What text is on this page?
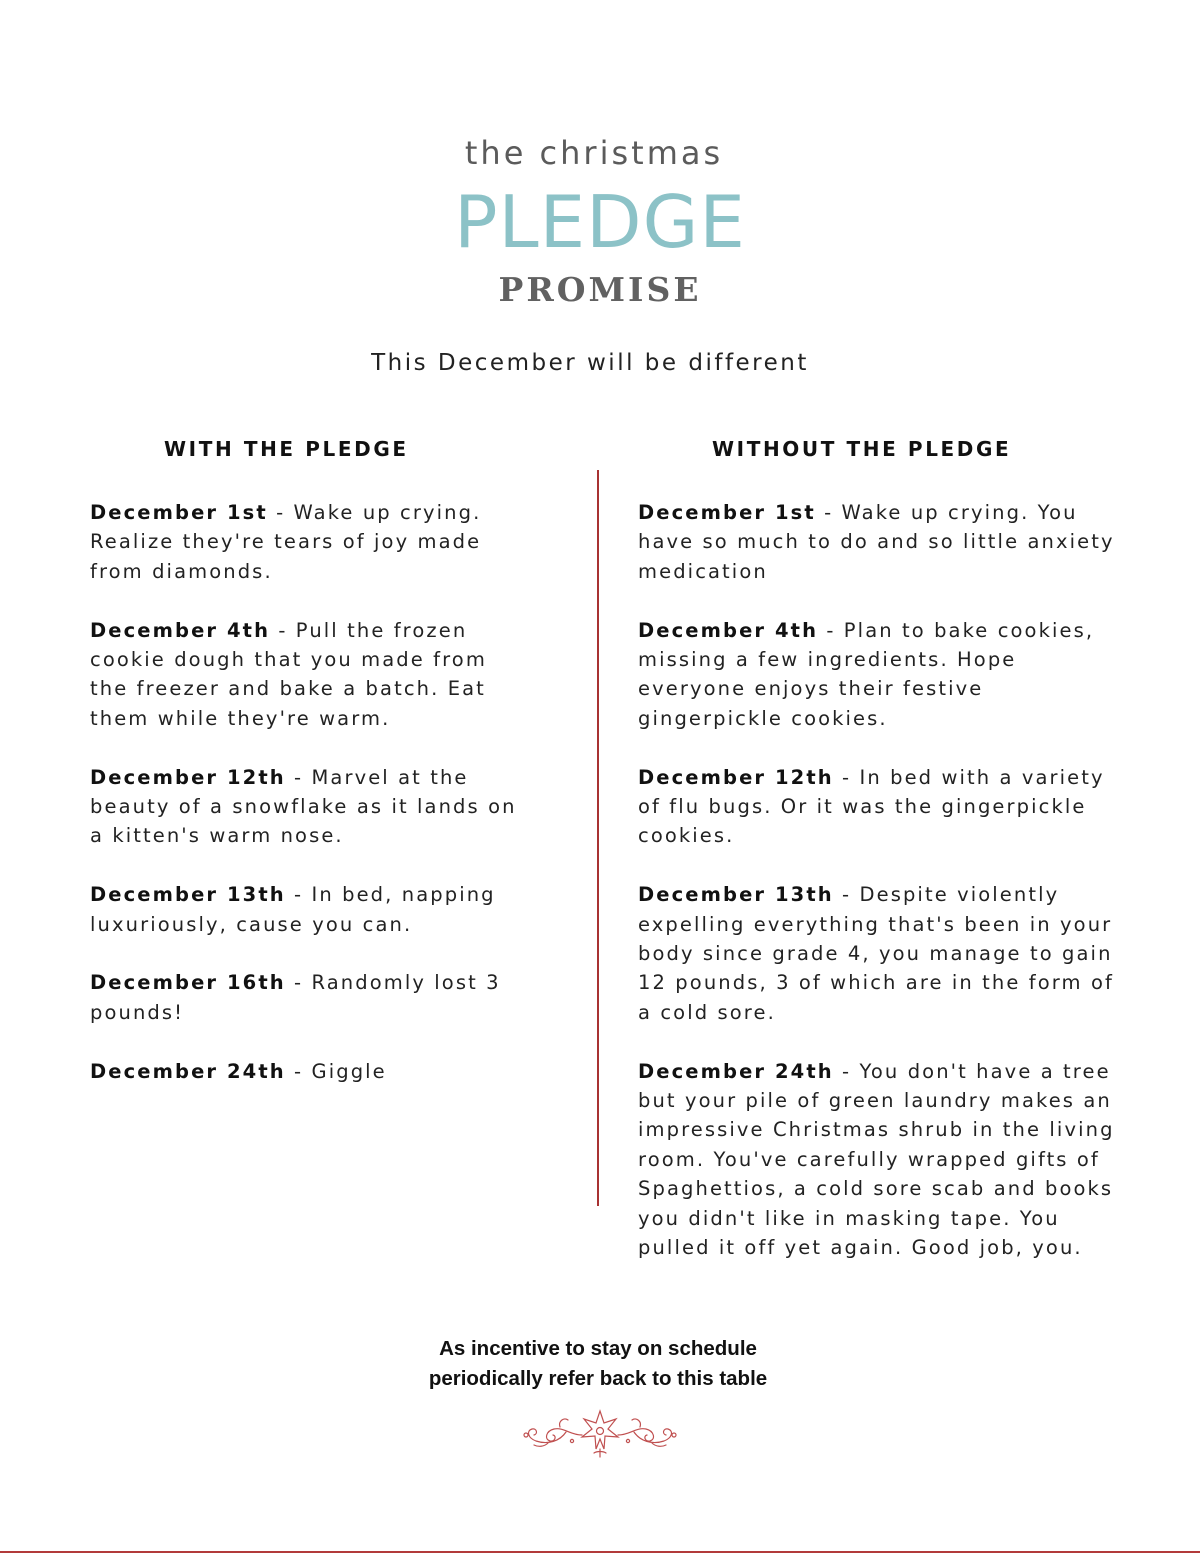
the christmas
PLEDGE
PROMISE
This December will be different
WITH THE PLEDGE	WITHOUT THE PLEDGE

December 1st - Wake up crying. Realize they're tears of joy made from diamonds.

December 4th - Pull the frozen cookie dough that you made from the freezer and bake a batch. Eat them while they're warm.

December 12th - Marvel at the beauty of a snowflake as it lands on a kitten's warm nose.

December 13th - In bed, napping luxuriously, cause you can.

December 16th - Randomly lost 3 pounds!

December 24th - Giggle

December 1st - Wake up crying. You have so much to do and so little anxiety medication

December 4th - Plan to bake cookies, missing a few ingredients. Hope everyone enjoys their festive gingerpickle cookies.

December 12th - In bed with a variety of flu bugs. Or it was the gingerpickle cookies.

December 13th - Despite violently expelling everything that's been in your body since grade 4, you manage to gain 12 pounds, 3 of which are in the form of a cold sore.

December 24th - You don't have a tree but your pile of green laundry makes an impressive Christmas shrub in the living room. You've carefully wrapped gifts of Spaghettios, a cold sore scab and books you didn't like in masking tape. You pulled it off yet again. Good job, you.

As incentive to stay on schedule
periodically refer back to this table
